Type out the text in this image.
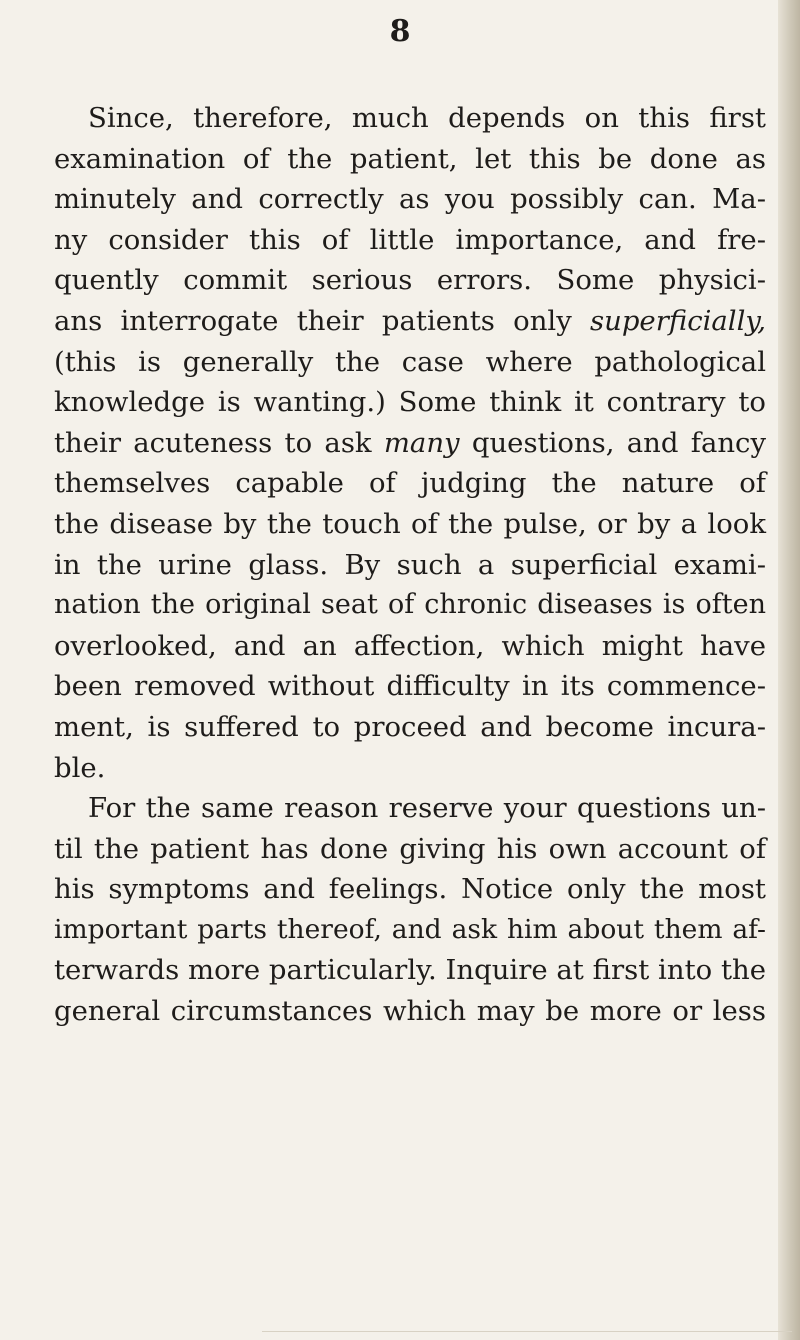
8

Since, therefore, much depends on this first
examination of the patient, let this be done as
minutely and correctly as you possibly can. Ma-
ny consider this of little importance, and fre-
quently commit serious errors. Some physici-
ans interrogate their patients only superficially,
(this is generally the case where pathological
knowledge is wanting.) Some think it contrary to
their acuteness to ask many questions, and fancy
themselves capable of judging the nature of
the disease by the touch of the pulse, or by a look
in the urine glass. By such a superficial exami-
nation the original seat of chronic diseases is often
overlooked, and an affection, which might have
been removed without difficulty in its commence-
ment, is suffered to proceed and become incura-
ble.

For the same reason reserve your questions un-
til the patient has done giving his own account of
his symptoms and feelings. Notice only the most
important parts thereof, and ask him about them af-
terwards more particularly. Inquire at first into the
general circumstances which may be more or less
